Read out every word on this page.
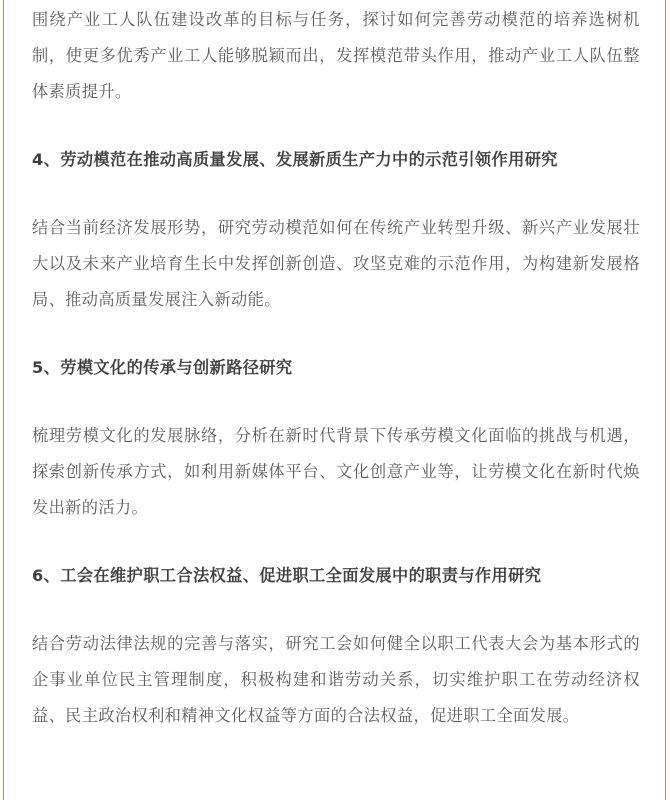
围绕产业工人队伍建设改革的目标与任务，探讨如何完善劳动模范的培养选树机制，使更多优秀产业工人能够脱颖而出，发挥模范带头作用，推动产业工人队伍整体素质提升。

4、劳动模范在推动高质量发展、发展新质生产力中的示范引领作用研究

结合当前经济发展形势，研究劳动模范如何在传统产业转型升级、新兴产业发展壮大以及未来产业培育生长中发挥创新创造、攻坚克难的示范作用，为构建新发展格局、推动高质量发展注入新动能。

5、劳模文化的传承与创新路径研究

梳理劳模文化的发展脉络，分析在新时代背景下传承劳模文化面临的挑战与机遇，探索创新传承方式，如利用新媒体平台、文化创意产业等，让劳模文化在新时代焕发出新的活力。

6、工会在维护职工合法权益、促进职工全面发展中的职责与作用研究

结合劳动法律法规的完善与落实，研究工会如何健全以职工代表大会为基本形式的企事业单位民主管理制度，积极构建和谐劳动关系，切实维护职工在劳动经济权益、民主政治权利和精神文化权益等方面的合法权益，促进职工全面发展。
